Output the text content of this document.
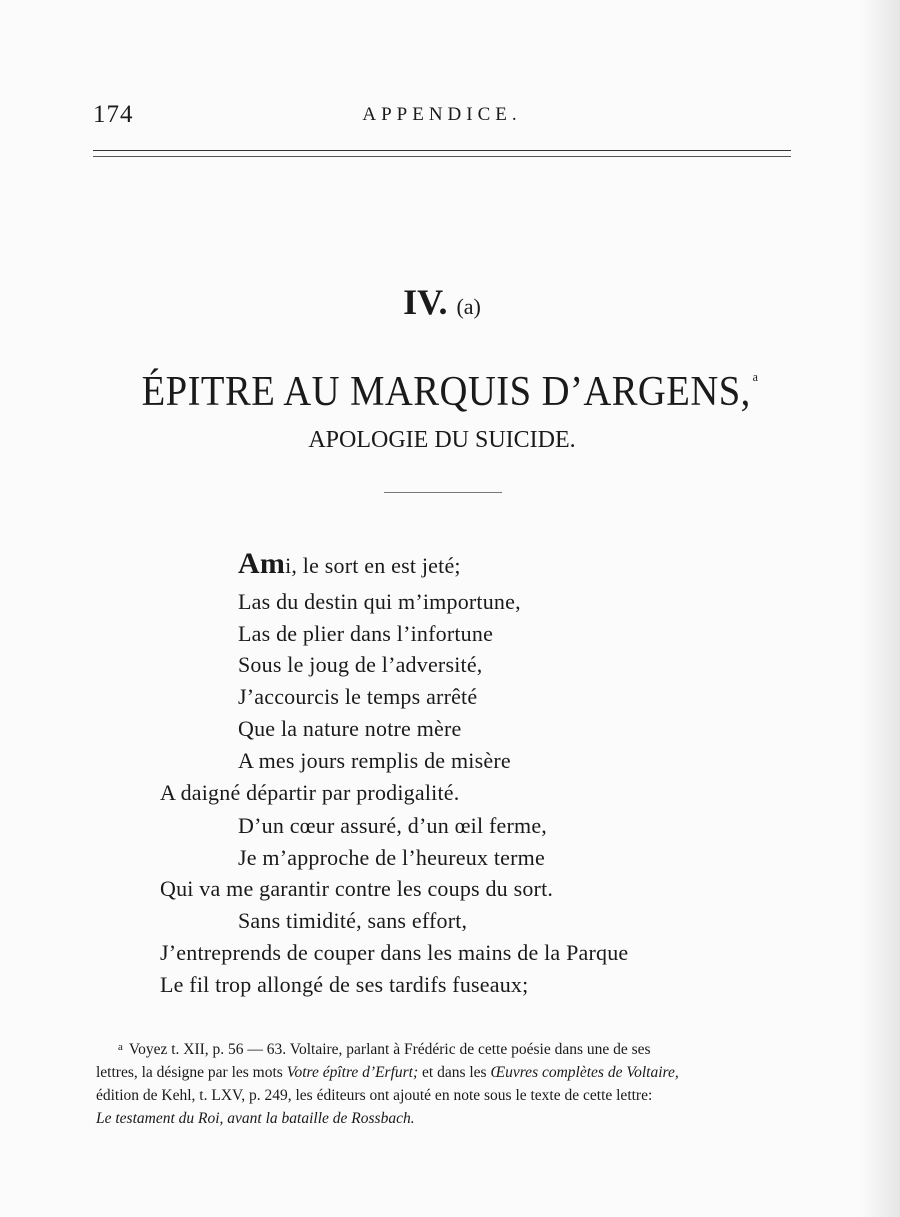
174	APPENDICE.
IV. (a)
ÉPITRE AU MARQUIS D’ARGENS, $^a$
APOLOGIE DU SUICIDE.
Ami, le sort en est jeté;
Las du destin qui m’importune,
Las de plier dans l’infortune
Sous le joug de l’adversité,
J’accourcis le temps arrêté
Que la nature notre mère
A mes jours remplis de misère
A daigné départir par prodigalité.
D’un cœur assuré, d’un œil ferme,
Je m’approche de l’heureux terme
Qui va me garantir contre les coups du sort.
Sans timidité, sans effort,
J’entreprends de couper dans les mains de la Parque
Le fil trop allongé de ses tardifs fuseaux;
$^a$ Voyez t. XII, p. 56 — 63. Voltaire, parlant à Frédéric de cette poésie dans une de ses
lettres, la désigne par les mots Votre épître d’Erfurt; et dans les Œuvres complètes de Voltaire,
édition de Kehl, t. LXV, p. 249, les éditeurs ont ajouté en note sous le texte de cette lettre:
Le testament du Roi, avant la bataille de Rossbach.
